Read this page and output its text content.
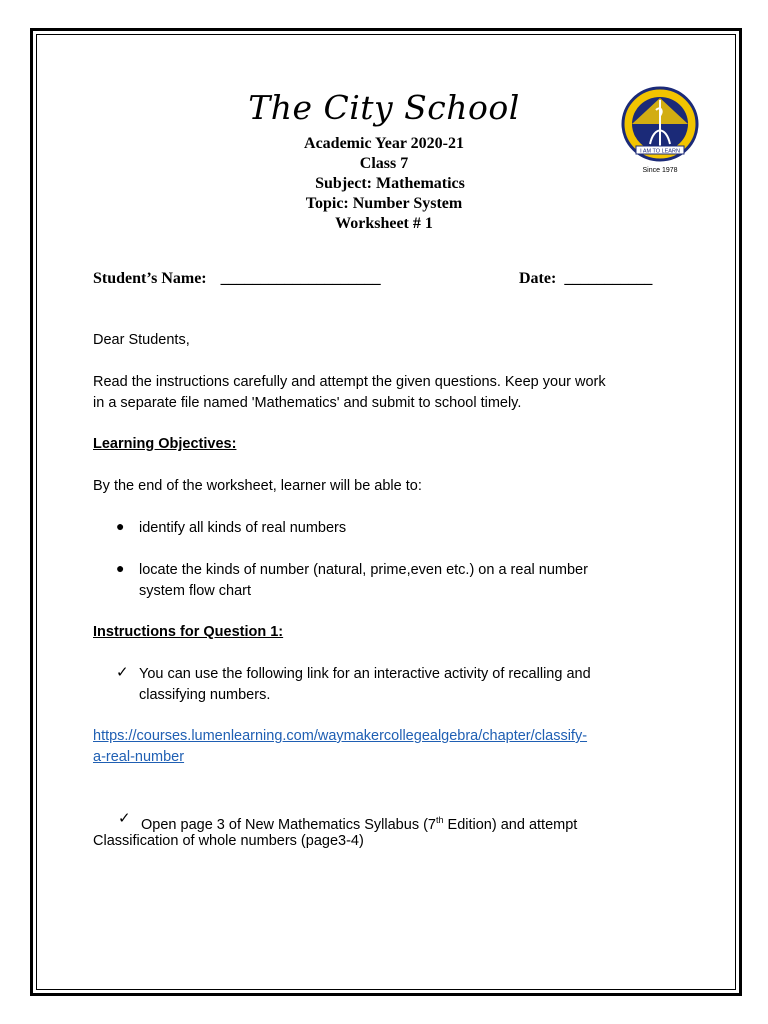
The City School
Academic Year 2020-21
Class 7
Subject: Mathematics
Topic: Number System
Worksheet # 1
I AM TO LEARN
Since 1978
Student’s Name: ____________________	Date: ___________
Dear Students,
Read the instructions carefully and attempt the given questions. Keep your work
in a separate file named 'Mathematics' and submit to school timely.
Learning Objectives:
By the end of the worksheet, learner will be able to:
● identify all kinds of real numbers
● locate the kinds of number (natural, prime,even etc.) on a real number
system flow chart
Instructions for Question 1:
✓ You can use the following link for an interactive activity of recalling and
classifying numbers.
https://courses.lumenlearning.com/waymakercollegealgebra/chapter/classify-
a-real-number
✓ Open page 3 of New Mathematics Syllabus (7th Edition) and attempt
Classification of whole numbers (page3-4)
